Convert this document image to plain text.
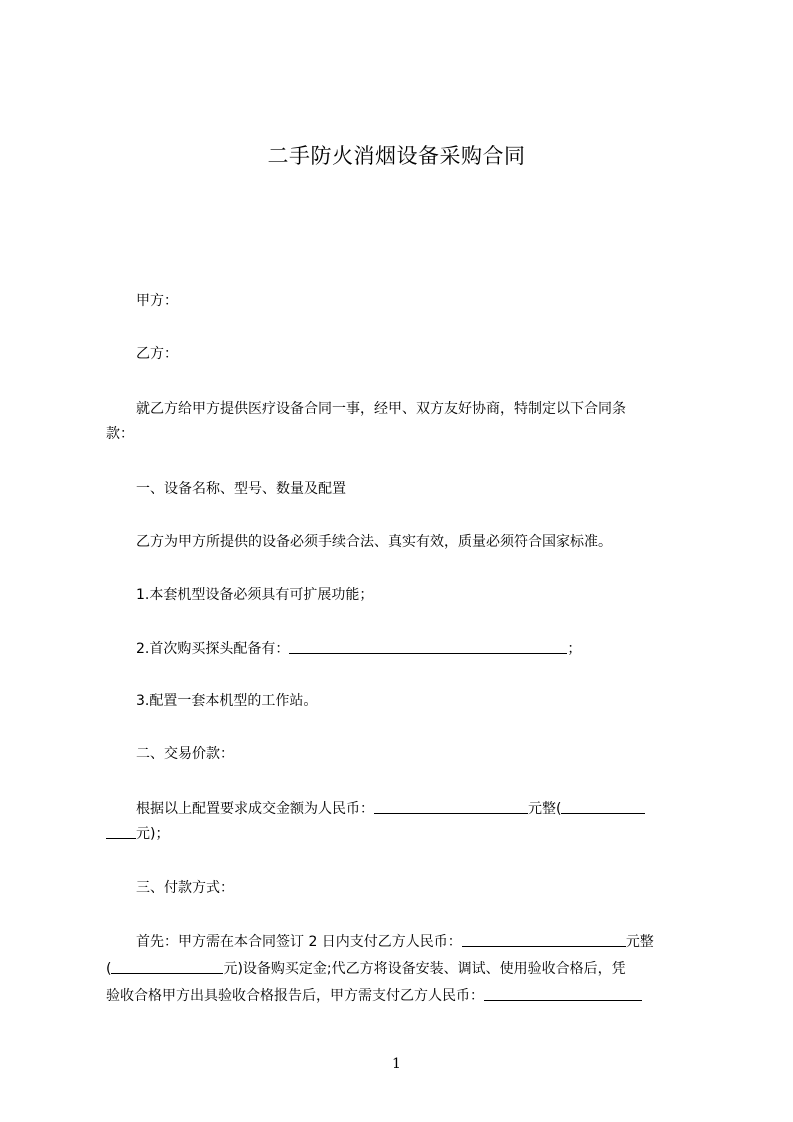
二手防火消烟设备采购合同
甲方：
乙方：
就乙方给甲方提供医疗设备合同一事，经甲、双方友好协商，特制定以下合同条
款：
一、设备名称、型号、数量及配置
乙方为甲方所提供的设备必须手续合法、真实有效，质量必须符合国家标准。
1.本套机型设备必须具有可扩展功能；
2.首次购买探头配备有：	；
3.配置一套本机型的工作站。
二、交易价款：
根据以上配置要求成交金额为人民币：	元整(
元)；
三、付款方式：
首先：甲方需在本合同签订 2 日内支付乙方人民币：	元整
(	元)设备购买定金;代乙方将设备安装、调试、使用验收合格后，凭
验收合格甲方出具验收合格报告后，甲方需支付乙方人民币：
1
